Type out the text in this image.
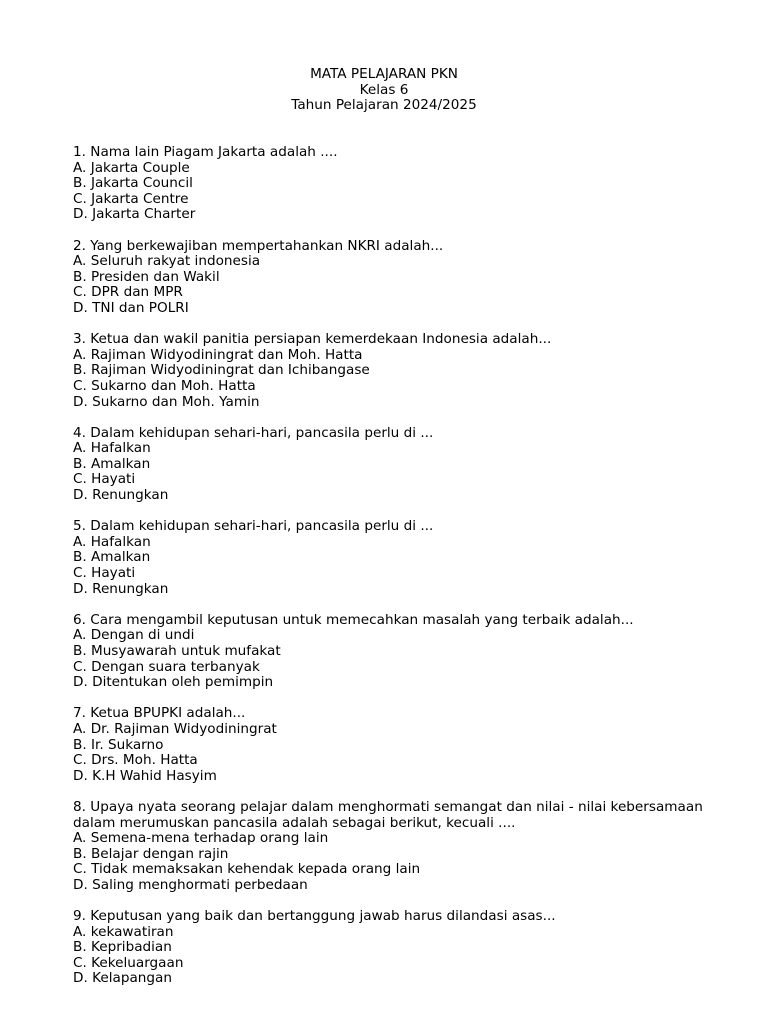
MATA PELAJARAN PKN
Kelas 6
Tahun Pelajaran 2024/2025
1. Nama lain Piagam Jakarta adalah ....
A. Jakarta Couple
B. Jakarta Council
C. Jakarta Centre
D. Jakarta Charter
2. Yang berkewajiban mempertahankan NKRI adalah...
A. Seluruh rakyat indonesia
B. Presiden dan Wakil
C. DPR dan MPR
D. TNI dan POLRI
3. Ketua dan wakil panitia persiapan kemerdekaan Indonesia adalah...
A. Rajiman Widyodiningrat dan Moh. Hatta
B. Rajiman Widyodiningrat dan Ichibangase
C. Sukarno dan Moh. Hatta
D. Sukarno dan Moh. Yamin
4. Dalam kehidupan sehari-hari, pancasila perlu di ...
A. Hafalkan
B. Amalkan
C. Hayati
D. Renungkan
5. Dalam kehidupan sehari-hari, pancasila perlu di ...
A. Hafalkan
B. Amalkan
C. Hayati
D. Renungkan
6. Cara mengambil keputusan untuk memecahkan masalah yang terbaik adalah...
A. Dengan di undi
B. Musyawarah untuk mufakat
C. Dengan suara terbanyak
D. Ditentukan oleh pemimpin
7. Ketua BPUPKI adalah...
A. Dr. Rajiman Widyodiningrat
B. Ir. Sukarno
C. Drs. Moh. Hatta
D. K.H Wahid Hasyim
8. Upaya nyata seorang pelajar dalam menghormati semangat dan nilai - nilai kebersamaan dalam merumuskan pancasila adalah sebagai berikut, kecuali ....
A. Semena-mena terhadap orang lain
B. Belajar dengan rajin
C. Tidak memaksakan kehendak kepada orang lain
D. Saling menghormati perbedaan
9. Keputusan yang baik dan bertanggung jawab harus dilandasi asas...
A. kekawatiran
B. Kepribadian
C. Kekeluargaan
D. Kelapangan
